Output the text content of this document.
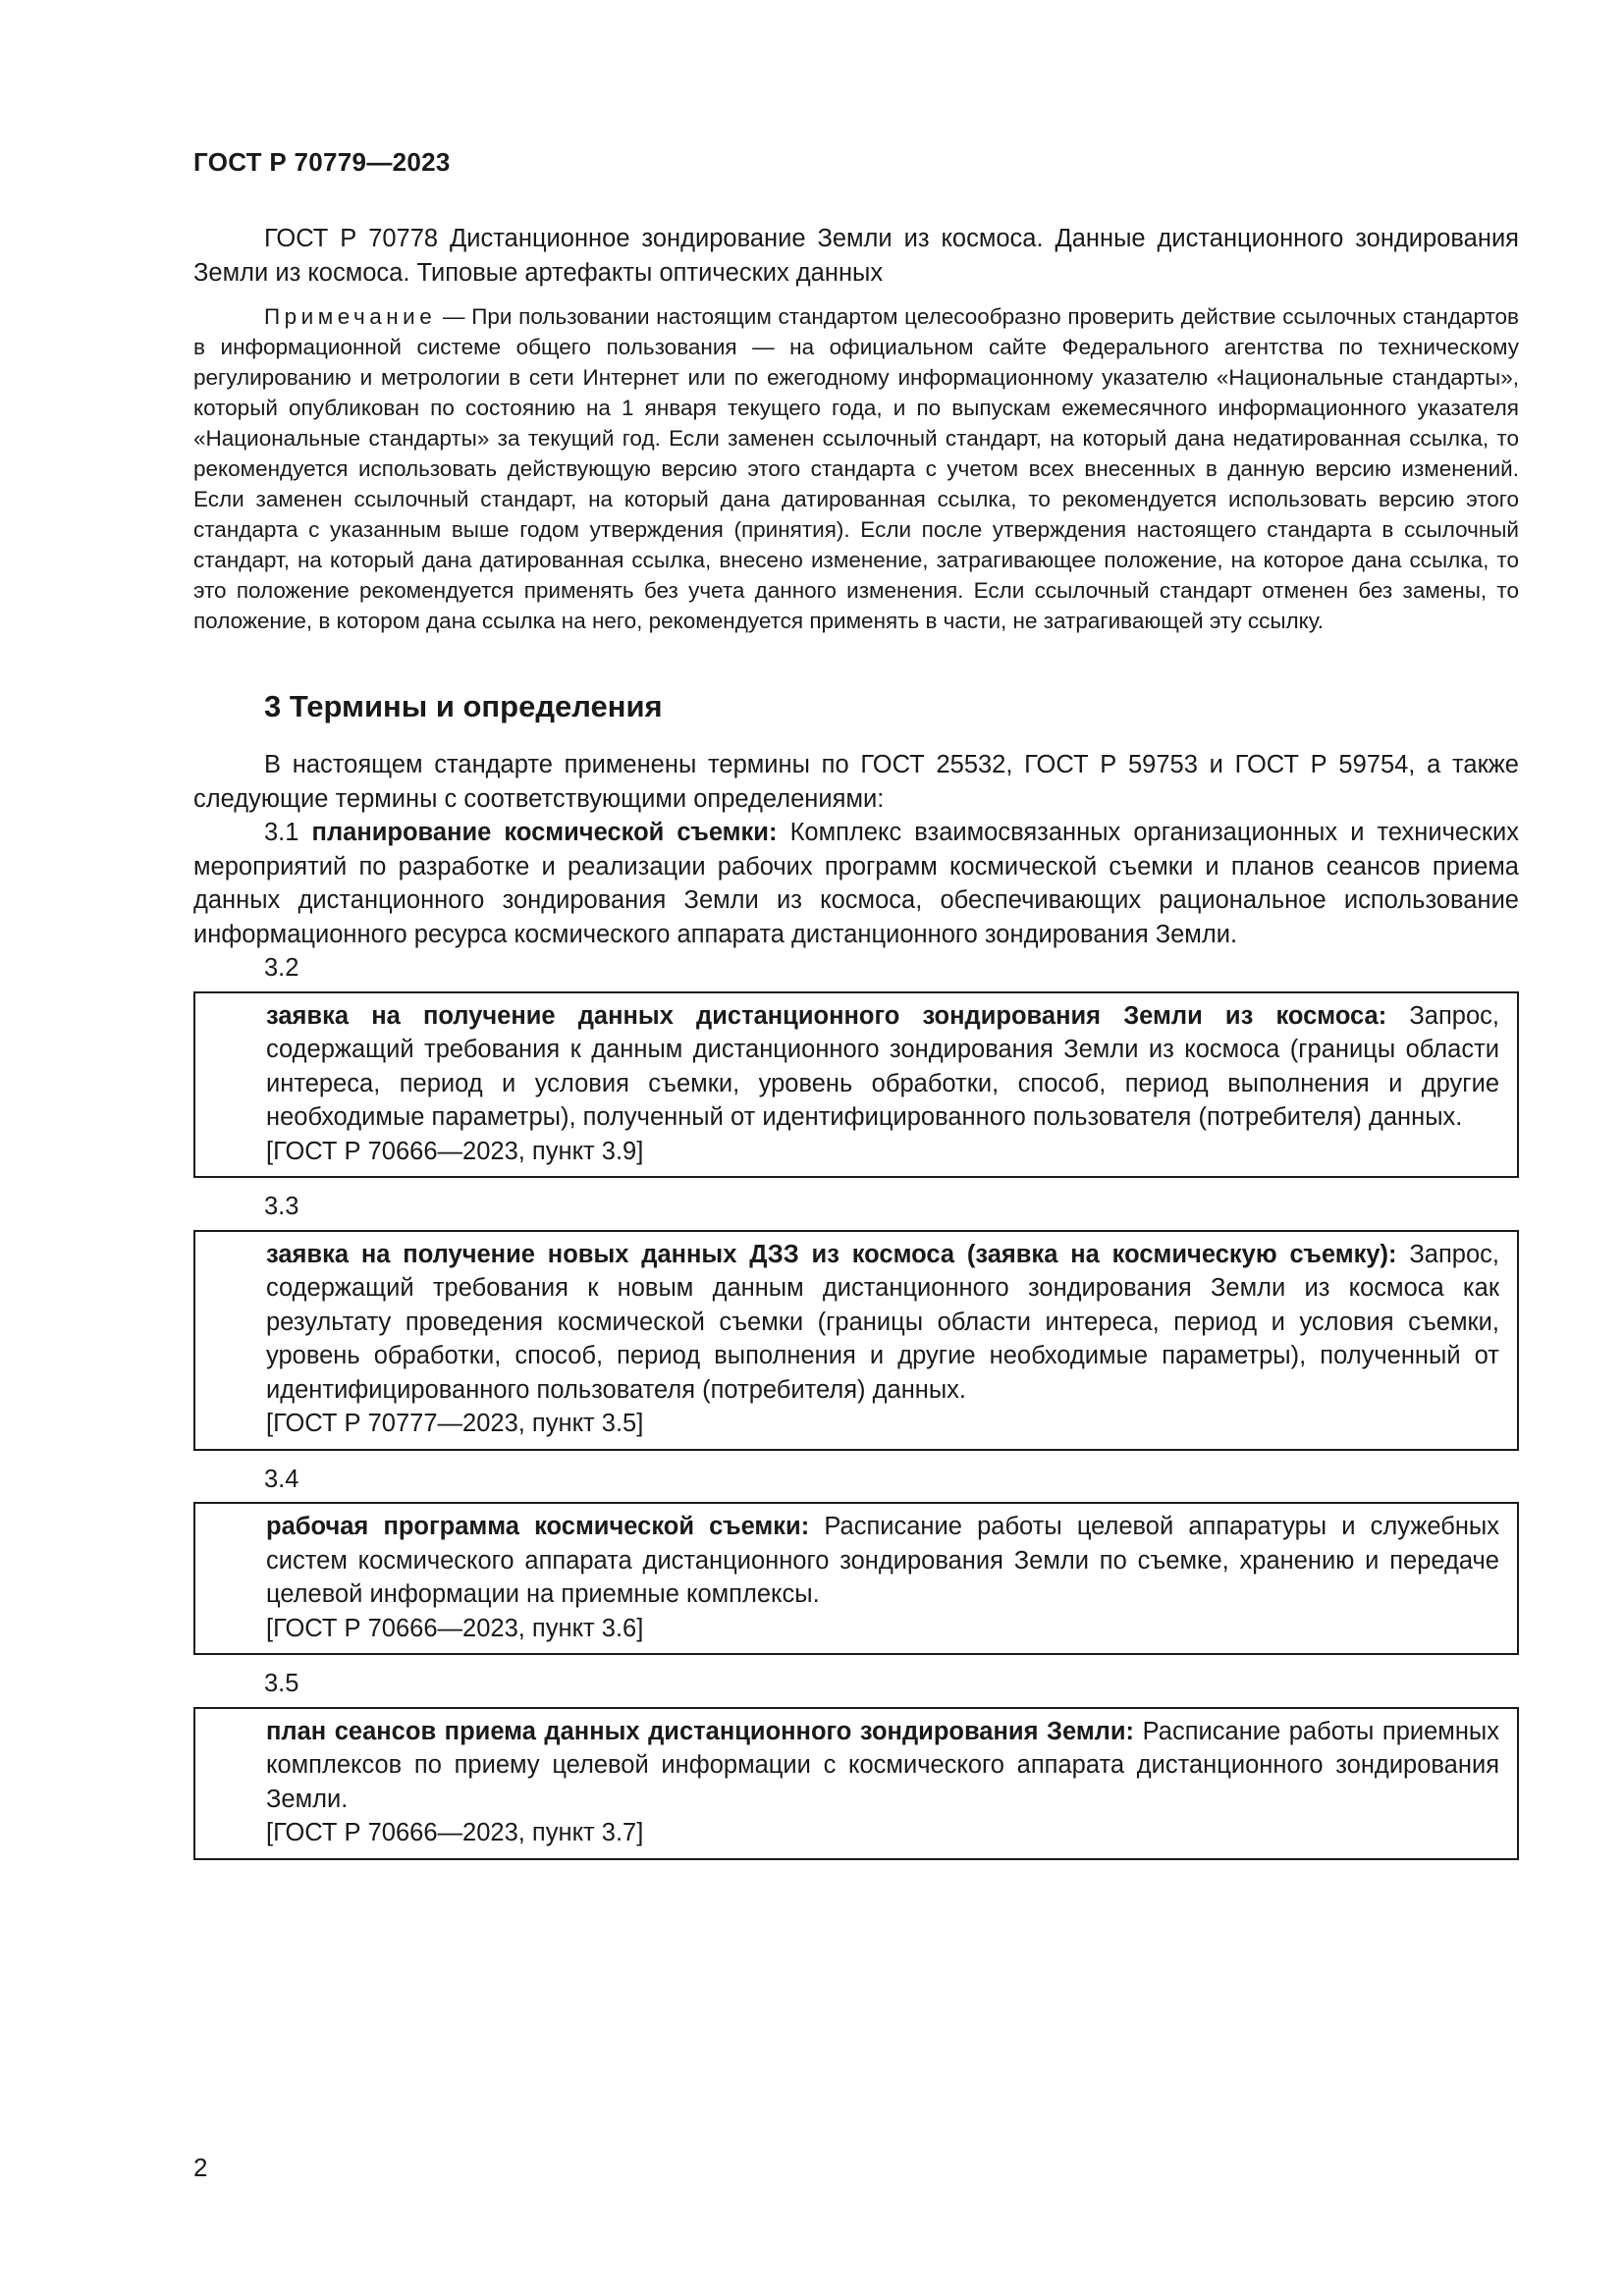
ГОСТ Р 70779—2023

ГОСТ Р 70778 Дистанционное зондирование Земли из космоса. Данные дистанционного зондирования Земли из космоса. Типовые артефакты оптических данных

Примечание — При пользовании настоящим стандартом целесообразно проверить действие ссылочных стандартов в информационной системе общего пользования — на официальном сайте Федерального агентства по техническому регулированию и метрологии в сети Интернет или по ежегодному информационному указателю «Национальные стандарты», который опубликован по состоянию на 1 января текущего года, и по выпускам ежемесячного информационного указателя «Национальные стандарты» за текущий год. Если заменен ссылочный стандарт, на который дана недатированная ссылка, то рекомендуется использовать действующую версию этого стандарта с учетом всех внесенных в данную версию изменений. Если заменен ссылочный стандарт, на который дана датированная ссылка, то рекомендуется использовать версию этого стандарта с указанным выше годом утверждения (принятия). Если после утверждения настоящего стандарта в ссылочный стандарт, на который дана датированная ссылка, внесено изменение, затрагивающее положение, на которое дана ссылка, то это положение рекомендуется применять без учета данного изменения. Если ссылочный стандарт отменен без замены, то положение, в котором дана ссылка на него, рекомендуется применять в части, не затрагивающей эту ссылку.

3 Термины и определения

В настоящем стандарте применены термины по ГОСТ 25532, ГОСТ Р 59753 и ГОСТ Р 59754, а также следующие термины с соответствующими определениями:

3.1 планирование космической съемки: Комплекс взаимосвязанных организационных и технических мероприятий по разработке и реализации рабочих программ космической съемки и планов сеансов приема данных дистанционного зондирования Земли из космоса, обеспечивающих рациональное использование информационного ресурса космического аппарата дистанционного зондирования Земли.

3.2

заявка на получение данных дистанционного зондирования Земли из космоса: Запрос, содержащий требования к данным дистанционного зондирования Земли из космоса (границы области интереса, период и условия съемки, уровень обработки, способ, период выполнения и другие необходимые параметры), полученный от идентифицированного пользователя (потребителя) данных.

[ГОСТ Р 70666—2023, пункт 3.9]

3.3

заявка на получение новых данных ДЗЗ из космоса (заявка на космическую съемку): Запрос, содержащий требования к новым данным дистанционного зондирования Земли из космоса как результату проведения космической съемки (границы области интереса, период и условия съемки, уровень обработки, способ, период выполнения и другие необходимые параметры), полученный от идентифицированного пользователя (потребителя) данных.

[ГОСТ Р 70777—2023, пункт 3.5]

3.4

рабочая программа космической съемки: Расписание работы целевой аппаратуры и служебных систем космического аппарата дистанционного зондирования Земли по съемке, хранению и передаче целевой информации на приемные комплексы.

[ГОСТ Р 70666—2023, пункт 3.6]

3.5

план сеансов приема данных дистанционного зондирования Земли: Расписание работы приемных комплексов по приему целевой информации с космического аппарата дистанционного зондирования Земли.

[ГОСТ Р 70666—2023, пункт 3.7]

2
